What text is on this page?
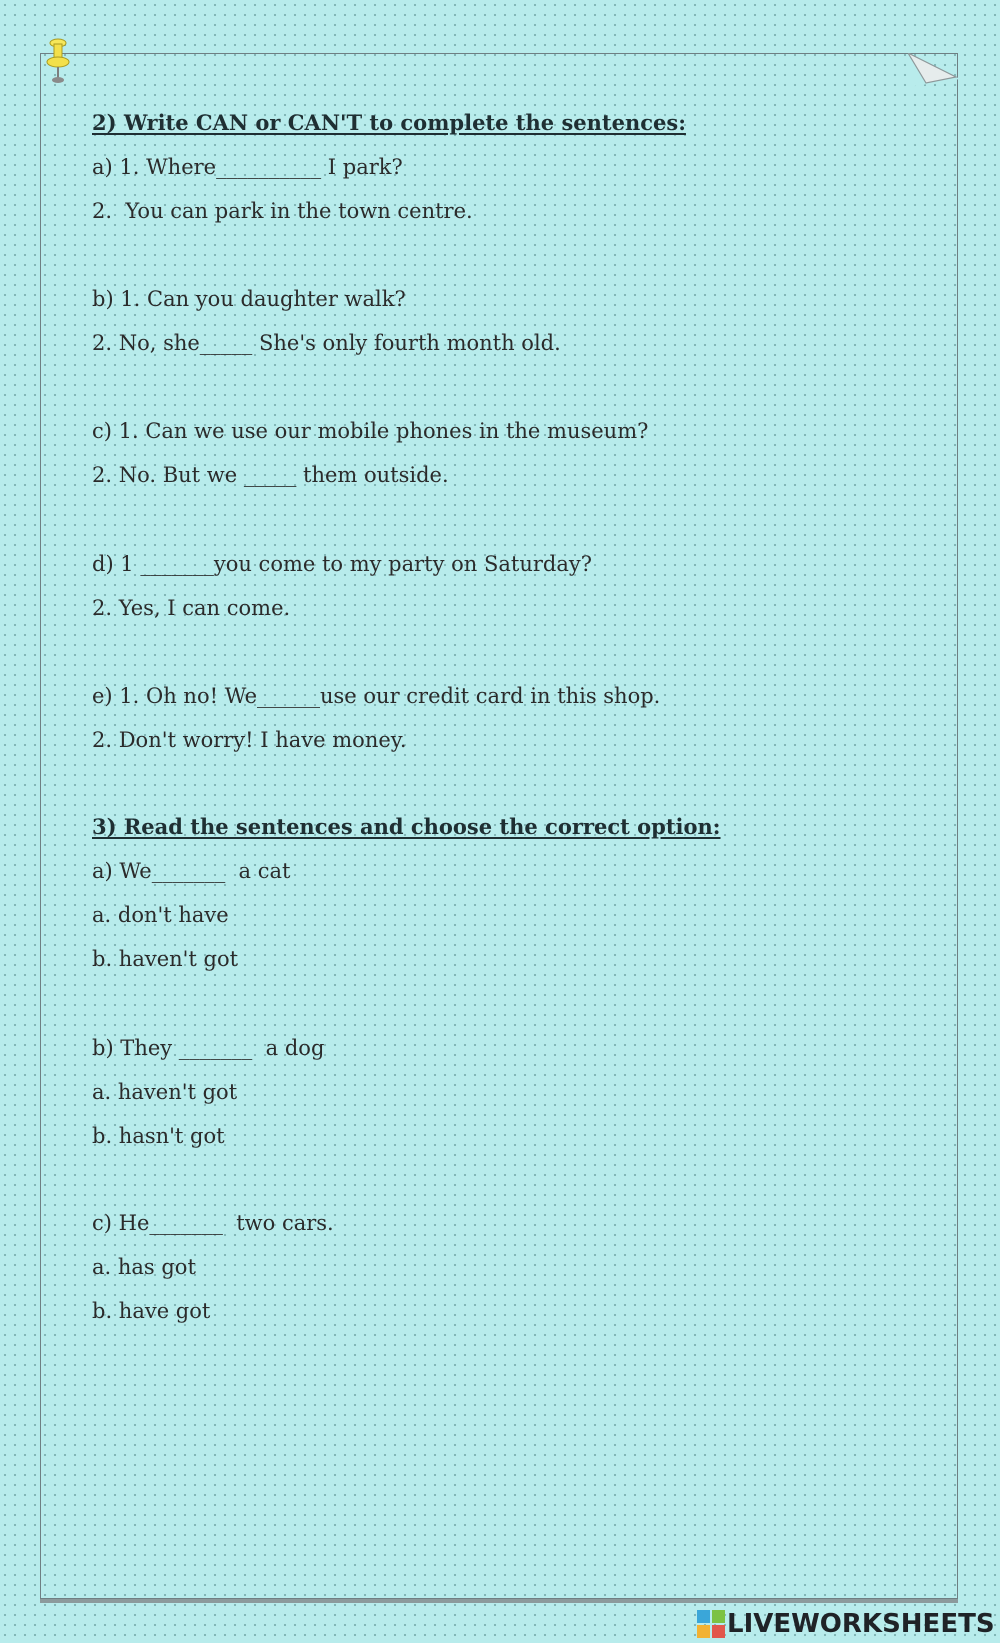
2) Write CAN or CAN'T to complete the sentences:
a) 1. Where__________ I park?
2.  You can park in the town centre.
b) 1. Can you daughter walk?
2. No, she_____ She's only fourth month old.
c) 1. Can we use our mobile phones in the museum?
2. No. But we _____ them outside.
d) 1 _______you come to my party on Saturday?
2. Yes, I can come.
e) 1. Oh no! We______use our credit card in this shop.
2. Don't worry! I have money.
3) Read the sentences and choose the correct option:
a) We_______  a cat
a. don't have
b. haven't got
b) They _______  a dog
a. haven't got
b. hasn't got
c) He_______  two cars.
a. has got
b. have got
LIVEWORKSHEETS
